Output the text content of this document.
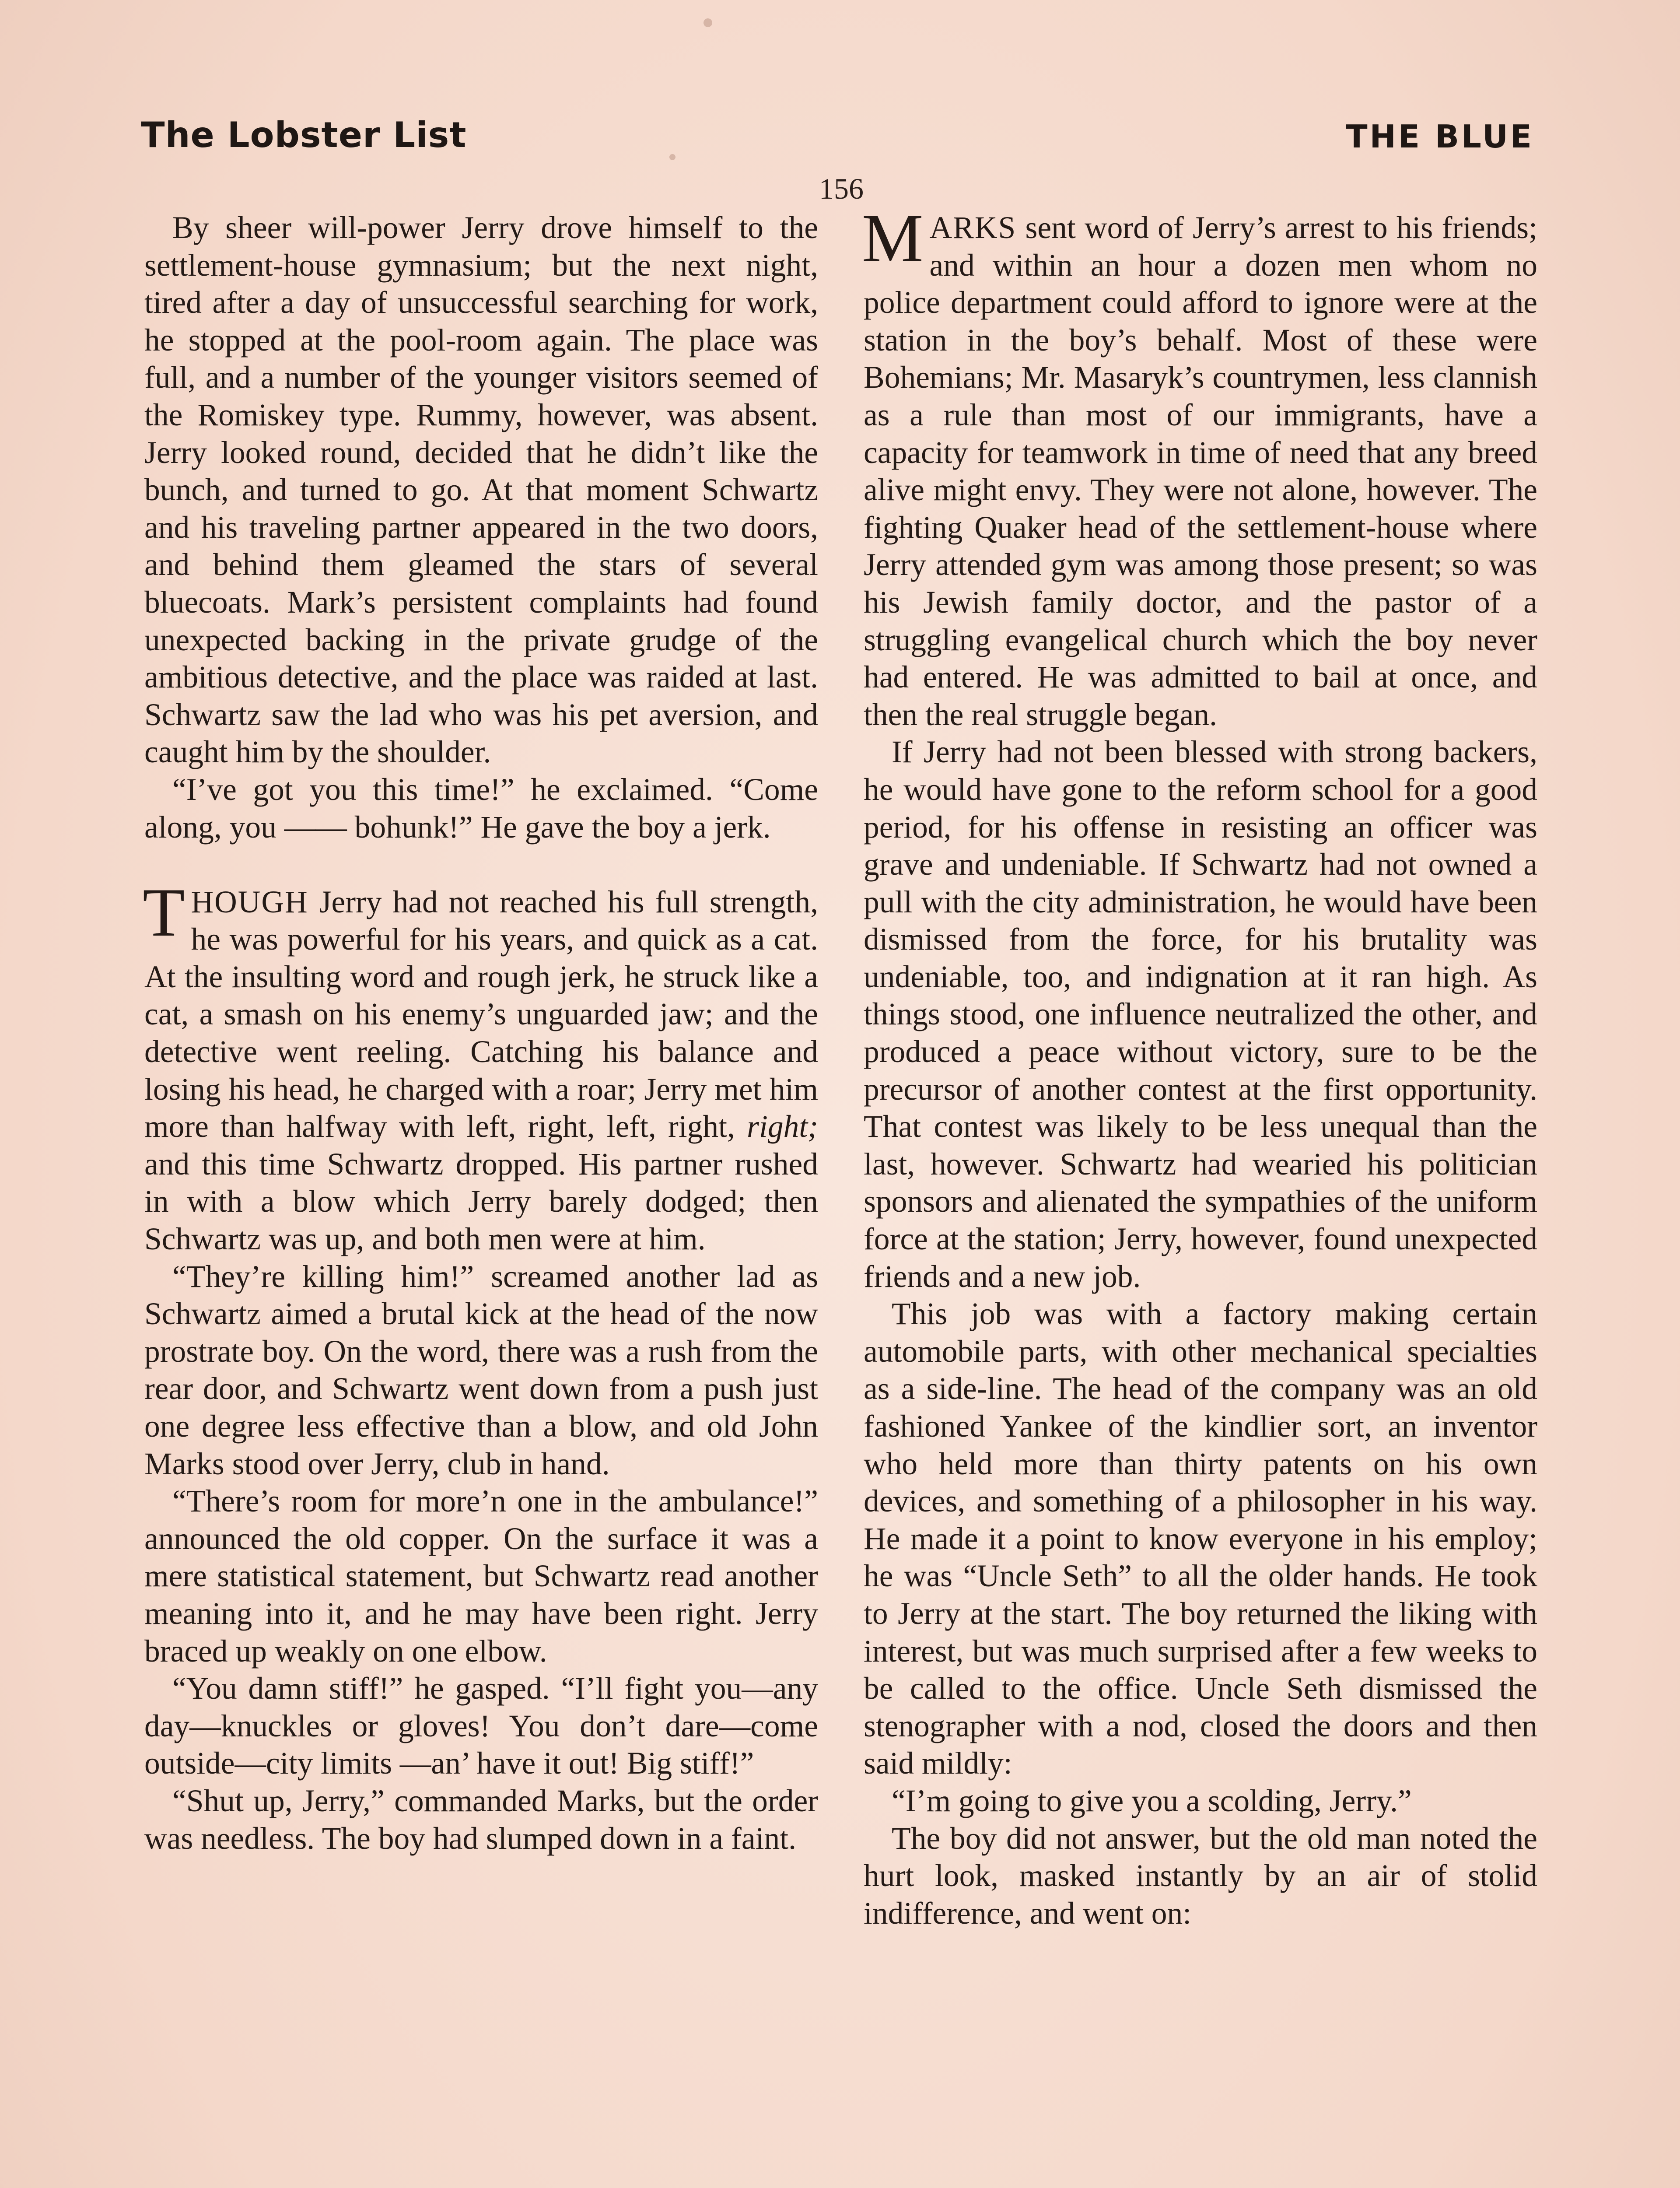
The Lobster List	THE BLUE
156

By sheer will-power Jerry drove himself to the settlement-house gymnasium; but the next night, tired after a day of unsuccessful searching for work, he stopped at the pool-room again. The place was full, and a number of the younger visitors seemed of the Romiskey type. Rummy, however, was absent. Jerry looked round, decided that he didn’t like the bunch, and turned to go. At that moment Schwartz and his traveling partner appeared in the two doors, and behind them gleamed the stars of several bluecoats. Mark’s persistent complaints had found unexpected backing in the private grudge of the ambitious detective, and the place was raided at last. Schwartz saw the lad who was his pet aversion, and caught him by the shoulder.

“I’ve got you this time!” he exclaimed. “Come along, you —— bohunk!” He gave the boy a jerk.

THOUGH Jerry had not reached his full strength, he was powerful for his years, and quick as a cat. At the insulting word and rough jerk, he struck like a cat, a smash on his enemy’s unguarded jaw; and the detective went reeling. Catching his balance and losing his head, he charged with a roar; Jerry met him more than halfway with left, right, left, right, right; and this time Schwartz dropped. His partner rushed in with a blow which Jerry barely dodged; then Schwartz was up, and both men were at him.

“They’re killing him!” screamed another lad as Schwartz aimed a brutal kick at the head of the now prostrate boy. On the word, there was a rush from the rear door, and Schwartz went down from a push just one degree less effective than a blow, and old John Marks stood over Jerry, club in hand.

“There’s room for more’n one in the ambulance!” announced the old copper. On the surface it was a mere statistical statement, but Schwartz read another meaning into it, and he may have been right. Jerry braced up weakly on one elbow.

“You damn stiff!” he gasped. “I’ll fight you—any day—knuckles or gloves! You don’t dare—come outside—city limits —an’ have it out! Big stiff!”

“Shut up, Jerry,” commanded Marks, but the order was needless. The boy had slumped down in a faint.

MARKS sent word of Jerry’s arrest to his friends; and within an hour a dozen men whom no police department could afford to ignore were at the station in the boy’s behalf. Most of these were Bohemians; Mr. Masaryk’s countrymen, less clannish as a rule than most of our immigrants, have a capacity for teamwork in time of need that any breed alive might envy. They were not alone, however. The fighting Quaker head of the settlement-house where Jerry attended gym was among those present; so was his Jewish family doctor, and the pastor of a struggling evangelical church which the boy never had entered. He was admitted to bail at once, and then the real struggle began.

If Jerry had not been blessed with strong backers, he would have gone to the reform school for a good period, for his offense in resisting an officer was grave and undeniable. If Schwartz had not owned a pull with the city administration, he would have been dismissed from the force, for his brutality was undeniable, too, and indignation at it ran high. As things stood, one influence neutralized the other, and produced a peace without victory, sure to be the precursor of another contest at the first opportunity. That contest was likely to be less unequal than the last, however. Schwartz had wearied his politician sponsors and alienated the sympathies of the uniform force at the station; Jerry, however, found unexpected friends and a new job.

This job was with a factory making certain automobile parts, with other mechanical specialties as a side-line. The head of the company was an old fashioned Yankee of the kindlier sort, an inventor who held more than thirty patents on his own devices, and something of a philosopher in his way. He made it a point to know everyone in his employ; he was “Uncle Seth” to all the older hands. He took to Jerry at the start. The boy returned the liking with interest, but was much surprised after a few weeks to be called to the office. Uncle Seth dismissed the stenographer with a nod, closed the doors and then said mildly:

“I’m going to give you a scolding, Jerry.”

The boy did not answer, but the old man noted the hurt look, masked instantly by an air of stolid indifference, and went on:
